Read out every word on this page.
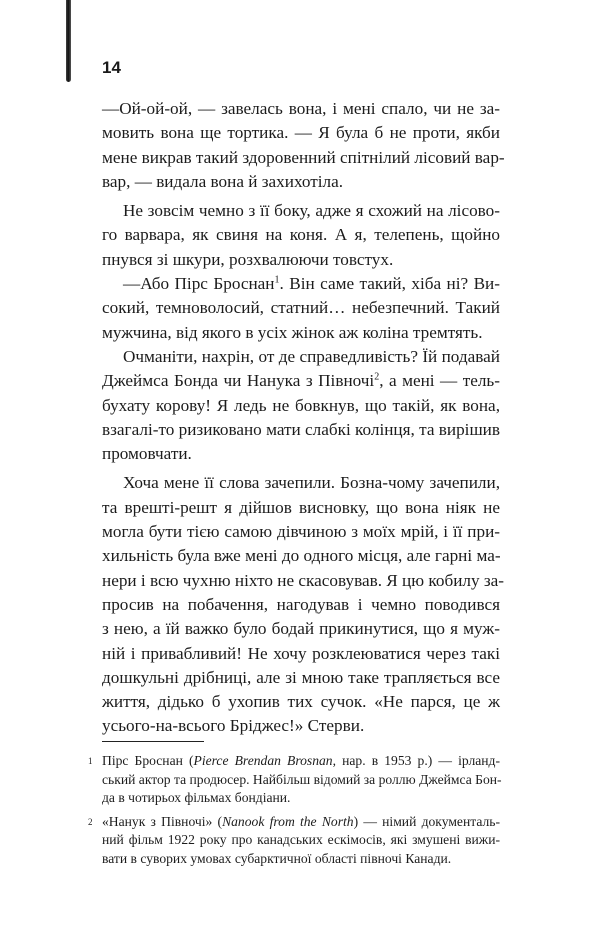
14
—Ой-ой-ой, — завелась вона, і мені спало, чи не за-
мовить вона ще тортика. — Я була б не проти, якби
мене викрав такий здоровенний спітнілий лісовий вар-
вар, — видала вона й захихотіла.
Не зовсім чемно з її боку, адже я схожий на лісово-
го варвара, як свиня на коня. А я, телепень, щойно
пнувся зі шкури, розхвалюючи товстух.
—Або Пірс Броснан$^1$. Він саме такий, хіба ні? Ви-
сокий, темноволосий, статний… небезпечний. Такий
мужчина, від якого в усіх жінок аж коліна тремтять.
Очманіти, нахрін, от де справедливість? Їй подавай
Джеймса Бонда чи Нанука з Півночі$^2$, а мені — тель-
бухату корову! Я ледь не бовкнув, що такій, як вона,
взагалі-то ризиковано мати слабкі колінця, та вирішив
промовчати.
Хоча мене її слова зачепили. Бозна-чому зачепили,
та врешті-решт я дійшов висновку, що вона ніяк не
могла бути тією самою дівчиною з моїх мрій, і її при-
хильність була вже мені до одного місця, але гарні ма-
нери і всю чухню ніхто не скасовував. Я цю кобилу за-
просив на побачення, нагодував і чемно поводився
з нею, а їй важко було бодай прикинутися, що я муж-
ній і привабливий! Не хочу розклеюватися через такі
дошкульні дрібниці, але зі мною таке трапляється все
життя, дідько б ухопив тих сучок. «Не парся, це ж
усього-на-всього Бріджес!» Стерви.
1 Пірс Броснан (Pierce Brendan Brosnan, нар. в 1953 р.) — ірланд-
ський актор та продюсер. Найбільш відомий за роллю Джеймса Бон-
да в чотирьох фільмах бондіани.
2 «Нанук з Півночі» (Nanook from the North) — німий документаль-
ний фільм 1922 року про канадських ескімосів, які змушені вижи-
вати в суворих умовах субарктичної області півночі Канади.
